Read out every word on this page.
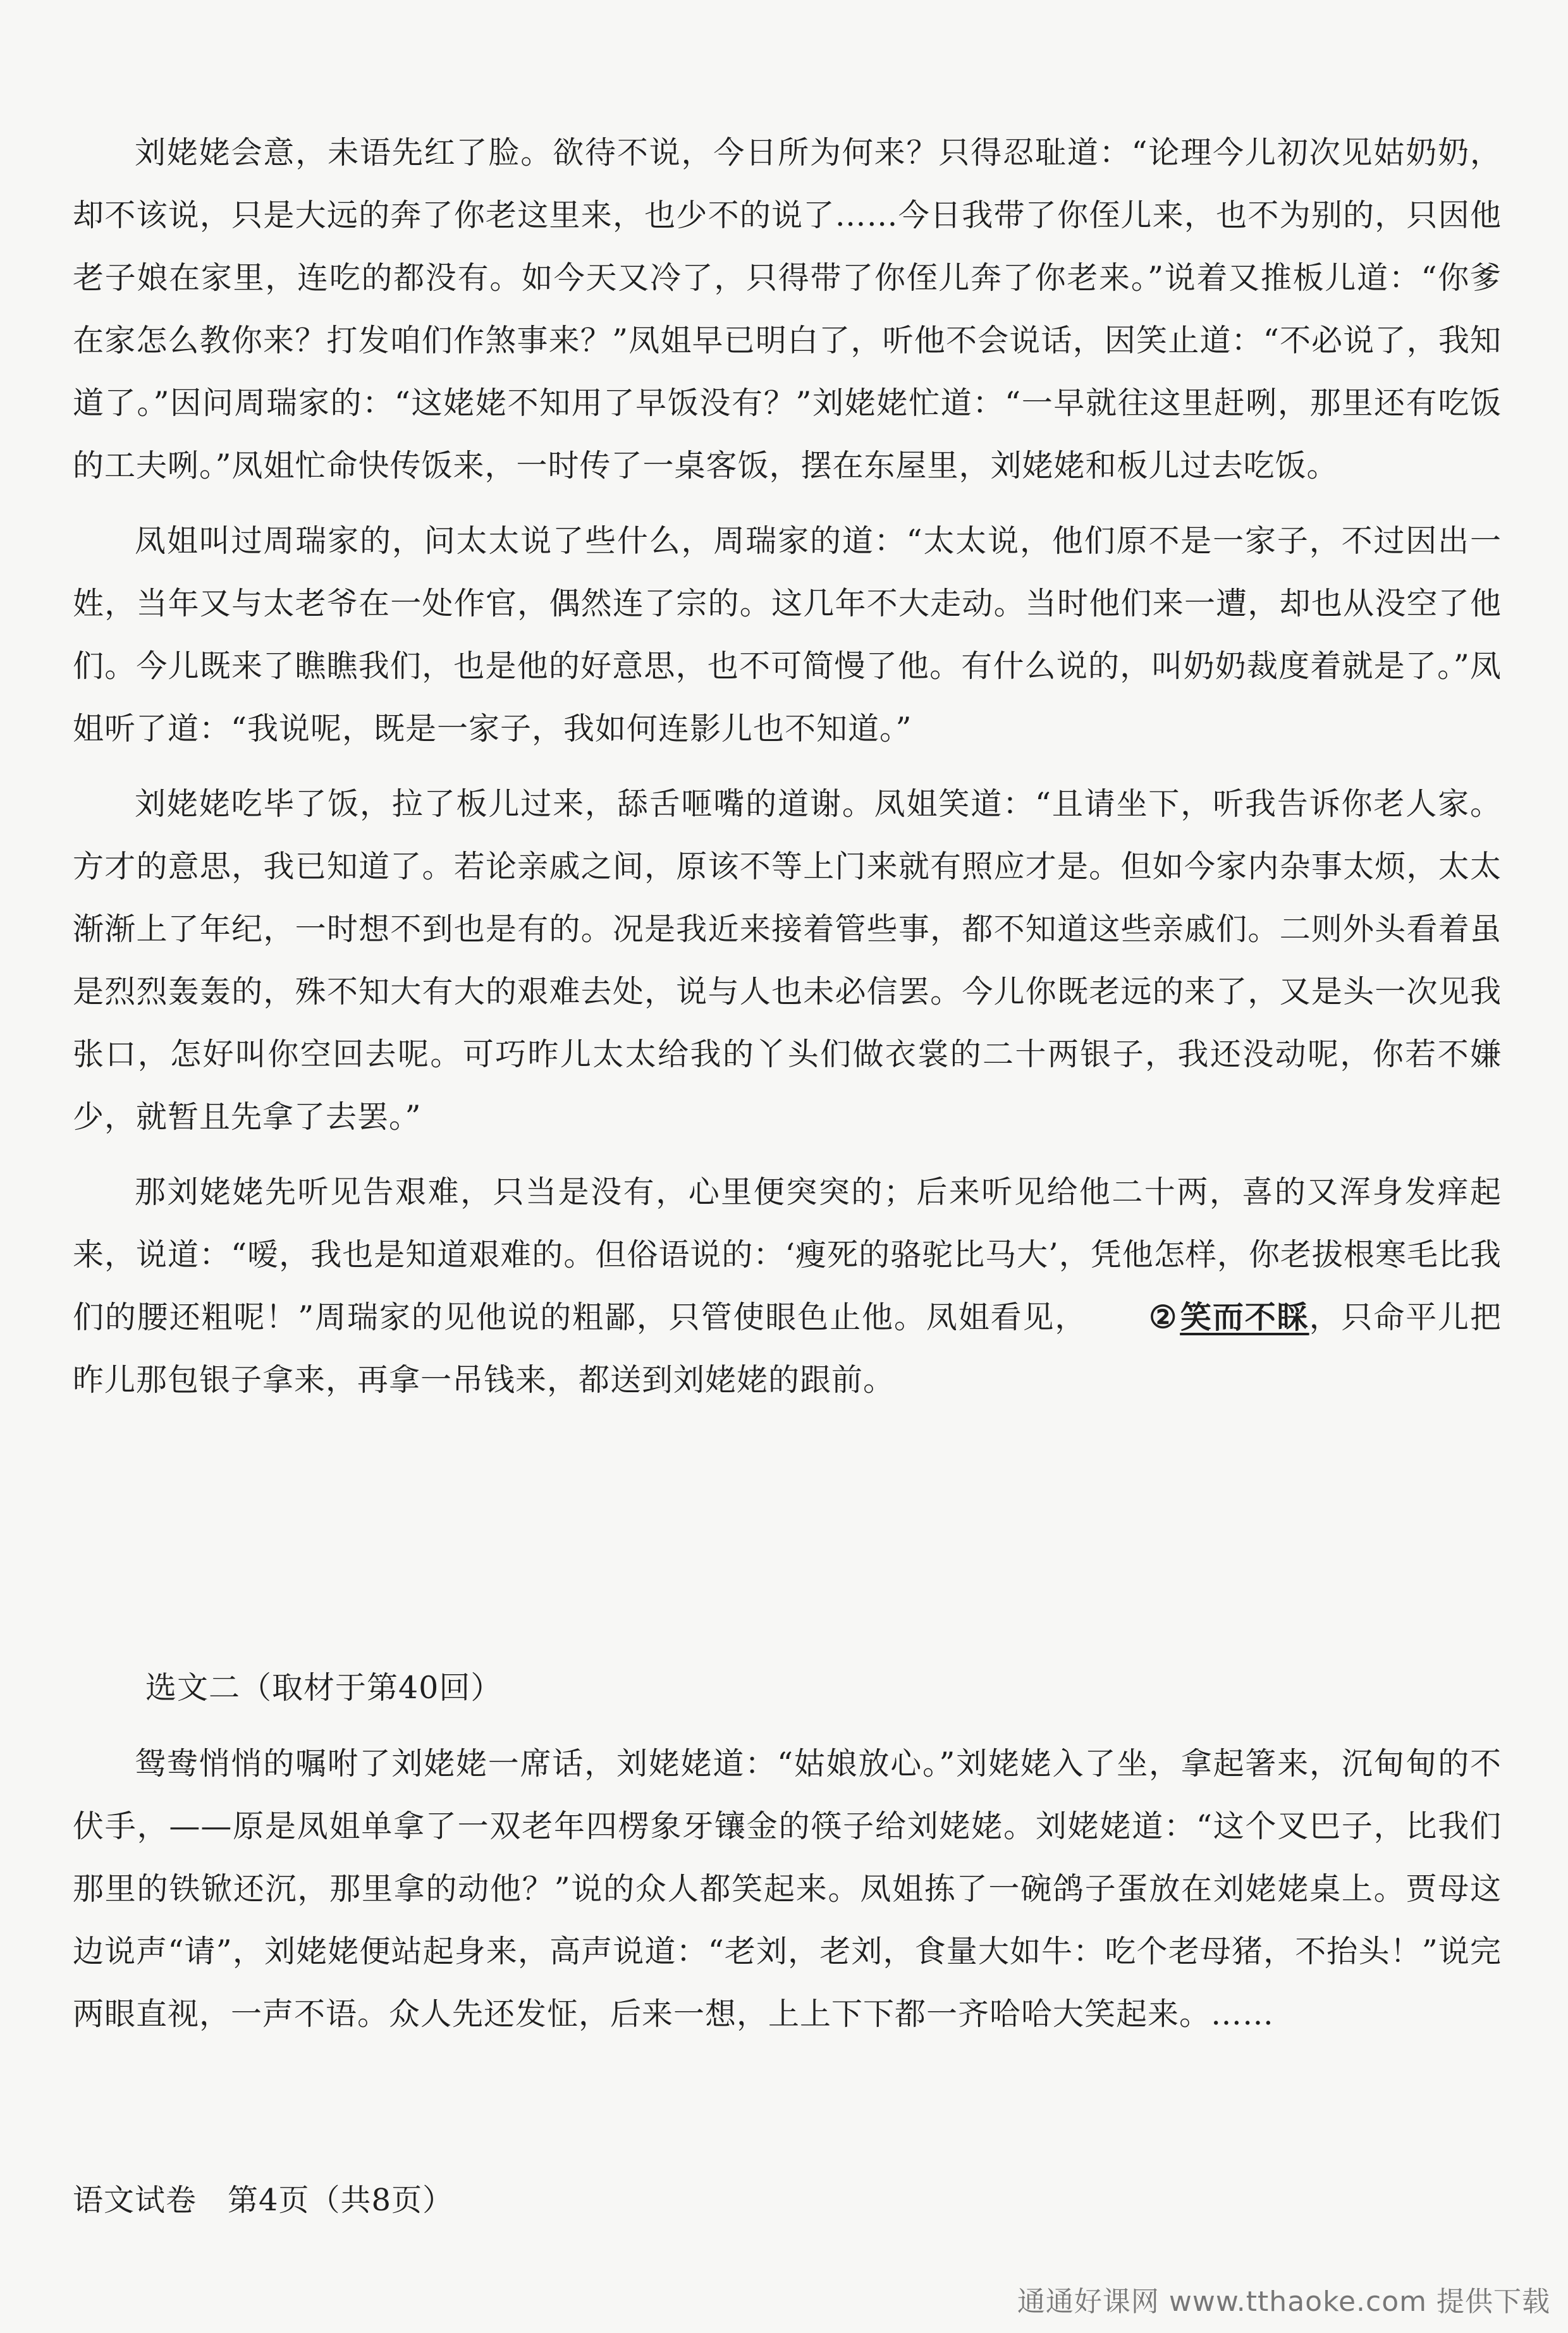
刘姥姥会意，未语先红了脸。欲待不说，今日所为何来？只得忍耻道：“论理今儿初次见姑奶奶，却不该说，只是大远的奔了你老这里来，也少不的说了……今日我带了你侄儿来，也不为别的，只因他老子娘在家里，连吃的都没有。如今天又冷了，只得带了你侄儿奔了你老来。”说着又推板儿道：“你爹在家怎么教你来？打发咱们作煞事来？”凤姐早已明白了，听他不会说话，因笑止道：“不必说了，我知道了。”因问周瑞家的：“这姥姥不知用了早饭没有？”刘姥姥忙道：“一早就往这里赶咧，那里还有吃饭的工夫咧。”凤姐忙命快传饭来，一时传了一桌客饭，摆在东屋里，刘姥姥和板儿过去吃饭。

凤姐叫过周瑞家的，问太太说了些什么，周瑞家的道：“太太说，他们原不是一家子，不过因出一姓，当年又与太老爷在一处作官，偶然连了宗的。这几年不大走动。当时他们来一遭，却也从没空了他们。今儿既来了瞧瞧我们，也是他的好意思，也不可简慢了他。有什么说的，叫奶奶裁度着就是了。”凤姐听了道：“我说呢，既是一家子，我如何连影儿也不知道。”

刘姥姥吃毕了饭，拉了板儿过来，舔舌咂嘴的道谢。凤姐笑道：“且请坐下，听我告诉你老人家。方才的意思，我已知道了。若论亲戚之间，原该不等上门来就有照应才是。但如今家内杂事太烦，太太渐渐上了年纪，一时想不到也是有的。况是我近来接着管些事，都不知道这些亲戚们。二则外头看着虽是烈烈轰轰的，殊不知大有大的艰难去处，说与人也未必信罢。今儿你既老远的来了，又是头一次见我张口，怎好叫你空回去呢。可巧昨儿太太给我的丫头们做衣裳的二十两银子，我还没动呢，你若不嫌少，就暂且先拿了去罢。”

那刘姥姥先听见告艰难，只当是没有，心里便突突的；后来听见给他二十两，喜的又浑身发痒起来，说道：“嗳，我也是知道艰难的。但俗语说的：‘瘦死的骆驼比马大’，凭他怎样，你老拔根寒毛比我们的腰还粗呢！”周瑞家的见他说的粗鄙，只管使眼色止他。凤姐看见， ②笑而不睬，只命平儿把昨儿那包银子拿来，再拿一吊钱来，都送到刘姥姥的跟前。

选文二（取材于第40回）

鸳鸯悄悄的嘱咐了刘姥姥一席话，刘姥姥道：“姑娘放心。”刘姥姥入了坐，拿起箸来，沉甸甸的不伏手，——原是凤姐单拿了一双老年四楞象牙镶金的筷子给刘姥姥。刘姥姥道：“这个叉巴子，比我们那里的铁锨还沉，那里拿的动他？”说的众人都笑起来。凤姐拣了一碗鸽子蛋放在刘姥姥桌上。贾母这边说声“请”，刘姥姥便站起身来，高声说道：“老刘，老刘，食量大如牛：吃个老母猪，不抬头！”说完两眼直视，一声不语。众人先还发怔，后来一想，上上下下都一齐哈哈大笑起来。……

语文试卷　第4页（共8页）
通通好课网 www.tthaoke.com 提供下载
